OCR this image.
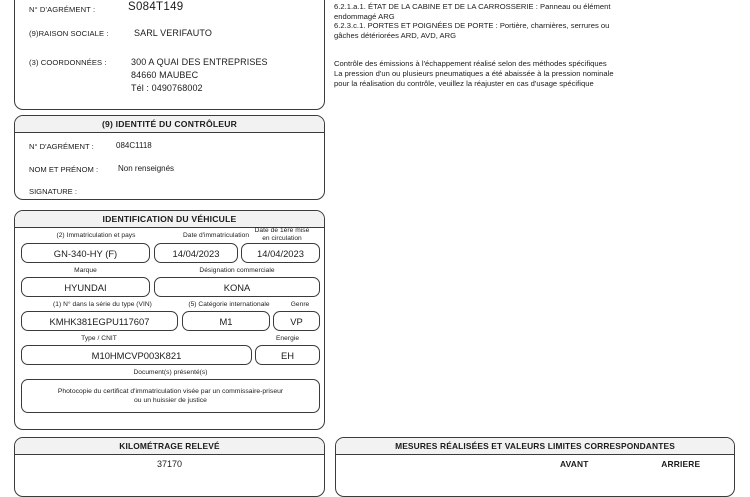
N° D'AGRÉMENT :	S084T149
(9)RAISON SOCIALE :	SARL VERIFAUTO
(3) COORDONNÉES :	300 A QUAI DES ENTREPRISES
84660 MAUBEC
Tél : 0490768002
(9) IDENTITÉ DU CONTRÔLEUR
N° D'AGRÉMENT :	084C1118
NOM ET PRÉNOM : Non renseignés
SIGNATURE :
IDENTIFICATION DU VÉHICULE
(2) Immatriculation et pays	Date d'immatriculation
Date de 1ère mise
en circulation
GN-340-HY (F)	14/04/2023	14/04/2023
Marque	Désignation commerciale
HYUNDAI	KONA
(1) N° dans la série du type (VIN)	(5) Catégorie internationale	Genre
KMHK381EGPU117607	M1	VP
Type / CNIT	Energie
M10HMCVP003K821	EH
Document(s) présenté(s)
Photocopie du certificat d'immatriculation visée par un commissaire-priseur
ou un huissier de justice
KILOMÉTRAGE RELEVÉ
37170
MESURES RÉALISÉES ET VALEURS LIMITES CORRESPONDANTES
AVANT	ARRIERE
6.2.1.a.1. ÉTAT DE LA CABINE ET DE LA CARROSSERIE : Panneau ou élément
endommagé ARG
6.2.3.c.1. PORTES ET POIGNÉES DE PORTE : Portière, charnières, serrures ou
gâches détériorées ARD, AVD, ARG
Contrôle des émissions à l'échappement réalisé selon des méthodes spécifiques
La pression d'un ou plusieurs pneumatiques a été abaissée à la pression nominale
pour la réalisation du contrôle, veuillez la réajuster en cas d'usage spécifique
